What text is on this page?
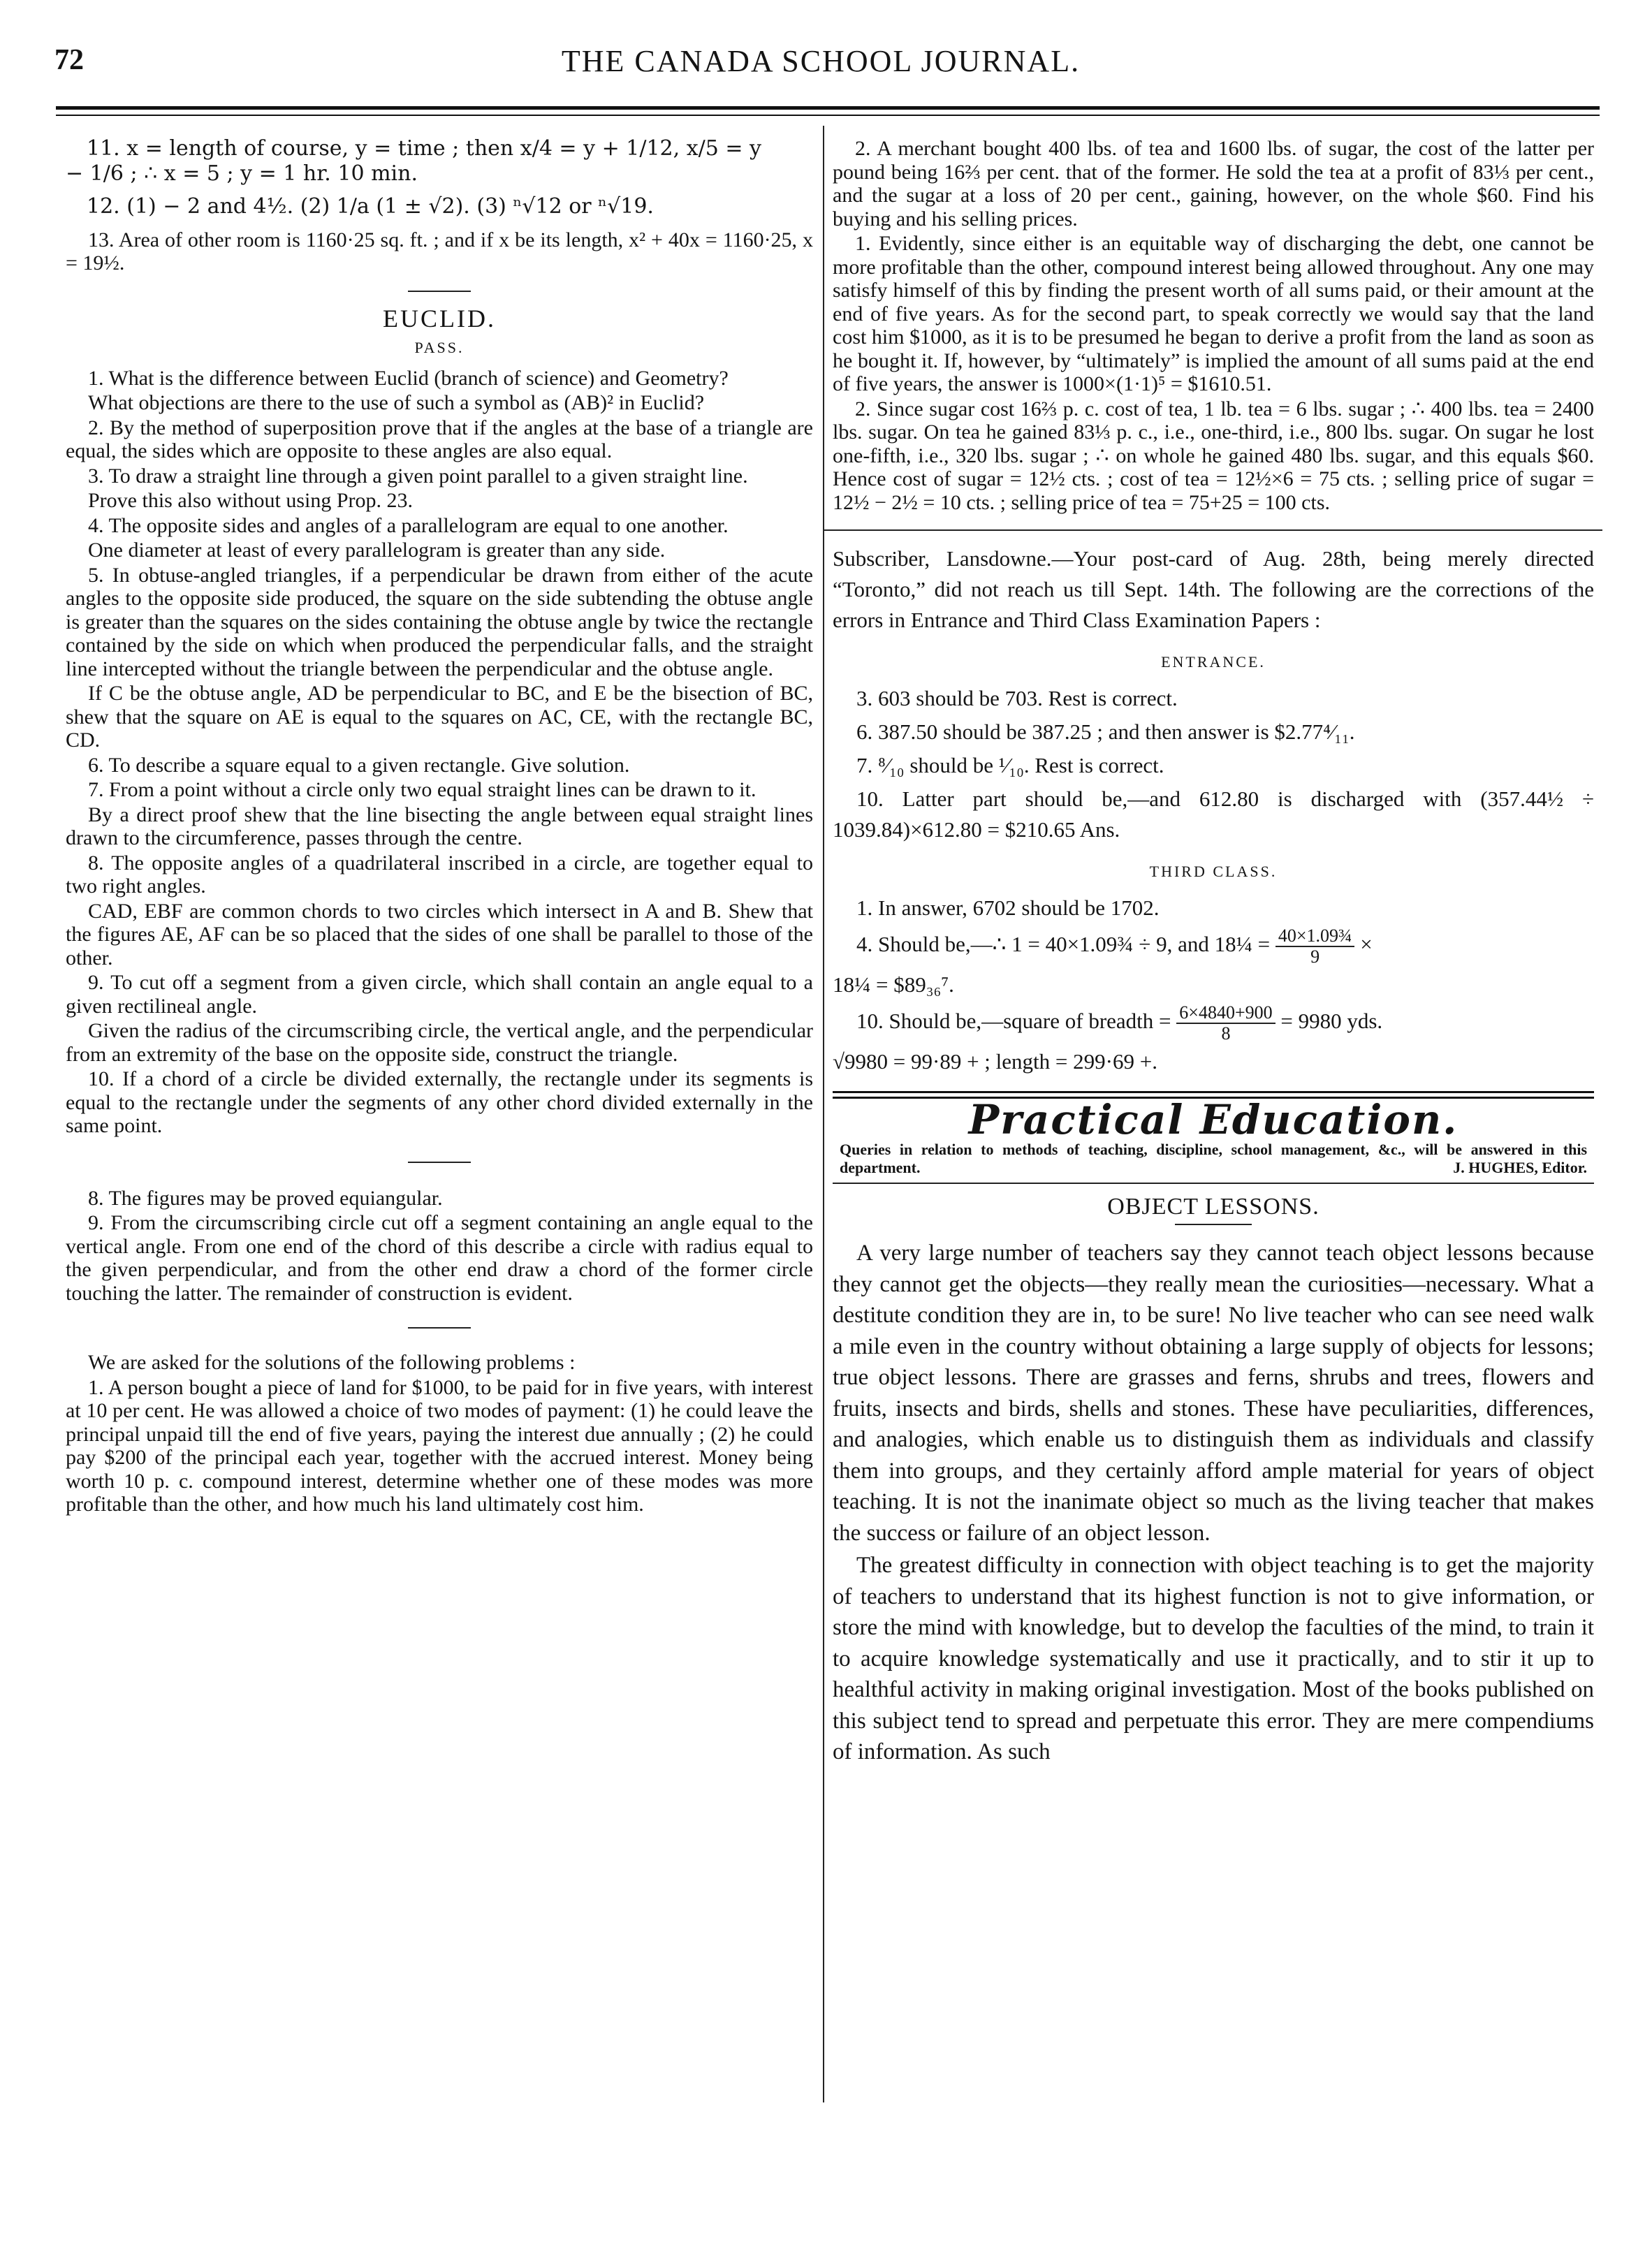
72	THE CANADA SCHOOL JOURNAL.

11. x = length of course, y = time ; then x/4 = y + 1/12, x/5 = y

− 1/6 ; ∴ x = 5 ; y = 1 hr. 10 min.

12. (1) − 2 and 4½. (2) 1/a (1 ± √2). (3) ⁿ√12 or ⁿ√19.

13. Area of other room is 1160·25 sq. ft. ; and if x be its length, x² + 40x = 1160·25, x = 19½.

EUCLID.
PASS.

1. What is the difference between Euclid (branch of science) and Geometry?

What objections are there to the use of such a symbol as (AB)² in Euclid?

2. By the method of superposition prove that if the angles at the base of a triangle are equal, the sides which are opposite to these angles are also equal.

3. To draw a straight line through a given point parallel to a given straight line.

Prove this also without using Prop. 23.

4. The opposite sides and angles of a parallelogram are equal to one another.

One diameter at least of every parallelogram is greater than any side.

5. In obtuse-angled triangles, if a perpendicular be drawn from either of the acute angles to the opposite side produced, the square on the side subtending the obtuse angle is greater than the squares on the sides containing the obtuse angle by twice the rectangle contained by the side on which when produced the perpendicular falls, and the straight line intercepted without the triangle between the perpendicular and the obtuse angle.

If C be the obtuse angle, AD be perpendicular to BC, and E be the bisection of BC, shew that the square on AE is equal to the squares on AC, CE, with the rectangle BC, CD.

6. To describe a square equal to a given rectangle. Give solution.

7. From a point without a circle only two equal straight lines can be drawn to it.

By a direct proof shew that the line bisecting the angle between equal straight lines drawn to the circumference, passes through the centre.

8. The opposite angles of a quadrilateral inscribed in a circle, are together equal to two right angles.

CAD, EBF are common chords to two circles which intersect in A and B. Shew that the figures AE, AF can be so placed that the sides of one shall be parallel to those of the other.

9. To cut off a segment from a given circle, which shall contain an angle equal to a given rectilineal angle.

Given the radius of the circumscribing circle, the vertical angle, and the perpendicular from an extremity of the base on the opposite side, construct the triangle.

10. If a chord of a circle be divided externally, the rectangle under its segments is equal to the rectangle under the segments of any other chord divided externally in the same point.

8. The figures may be proved equiangular.

9. From the circumscribing circle cut off a segment containing an angle equal to the vertical angle. From one end of the chord of this describe a circle with radius equal to the given perpendicular, and from the other end draw a chord of the former circle touching the latter. The remainder of construction is evident.

We are asked for the solutions of the following problems :

1. A person bought a piece of land for $1000, to be paid for in five years, with interest at 10 per cent. He was allowed a choice of two modes of payment: (1) he could leave the principal unpaid till the end of five years, paying the interest due annually ; (2) he could pay $200 of the principal each year, together with the accrued interest. Money being worth 10 p. c. compound interest, determine whether one of these modes was more profitable than the other, and how much his land ultimately cost him.

2. A merchant bought 400 lbs. of tea and 1600 lbs. of sugar, the cost of the latter per pound being 16⅔ per cent. that of the former. He sold the tea at a profit of 83⅓ per cent., and the sugar at a loss of 20 per cent., gaining, however, on the whole $60. Find his buying and his selling prices.

1. Evidently, since either is an equitable way of discharging the debt, one cannot be more profitable than the other, compound interest being allowed throughout. Any one may satisfy himself of this by finding the present worth of all sums paid, or their amount at the end of five years. As for the second part, to speak correctly we would say that the land cost him $1000, as it is to be presumed he began to derive a profit from the land as soon as he bought it. If, however, by “ultimately” is implied the amount of all sums paid at the end of five years, the answer is 1000×(1·1)⁵ = $1610.51.

2. Since sugar cost 16⅔ p. c. cost of tea, 1 lb. tea = 6 lbs. sugar ; ∴ 400 lbs. tea = 2400 lbs. sugar. On tea he gained 83⅓ p. c., i.e., one-third, i.e., 800 lbs. sugar. On sugar he lost one-fifth, i.e., 320 lbs. sugar ; ∴ on whole he gained 480 lbs. sugar, and this equals $60. Hence cost of sugar = 12½ cts. ; cost of tea = 12½×6 = 75 cts. ; selling price of sugar = 12½ − 2½ = 10 cts. ; selling price of tea = 75+25 = 100 cts.

Subscriber, Lansdowne.—Your post-card of Aug. 28th, being merely directed “Toronto,” did not reach us till Sept. 14th. The following are the corrections of the errors in Entrance and Third Class Examination Papers :

ENTRANCE.

3. 603 should be 703. Rest is correct.

6. 387.50 should be 387.25 ; and then answer is $2.77⁴⁄₁₁.

7. ⁸⁄₁₀ should be ¹⁄₁₀. Rest is correct.

10. Latter part should be,—and 612.80 is discharged with (357.44½ ÷ 1039.84)×612.80 = $210.65 Ans.

THIRD CLASS.

1. In answer, 6702 should be 1702.

4. Should be,—∴ 1 = 40×1.09¾ ÷ 9, and 18¼ = $\frac{\text{40×1.09¾}}{9}$ ×

18¼ = $89₃₆⁷.

10. Should be,—square of breadth = $\frac{6\times 4840+900}{8} = 9980$ yds.

√9980 = 99·89 + ; length = 299·69 +.

Practical Education.
Queries in relation to methods of teaching, discipline, school management, &c., will be answered in this department.	J. HUGHES, Editor.
OBJECT LESSONS.

A very large number of teachers say they cannot teach object lessons because they cannot get the objects—they really mean the curiosities—necessary. What a destitute condition they are in, to be sure! No live teacher who can see need walk a mile even in the country without obtaining a large supply of objects for lessons; true object lessons. There are grasses and ferns, shrubs and trees, flowers and fruits, insects and birds, shells and stones. These have peculiarities, differences, and analogies, which enable us to distinguish them as individuals and classify them into groups, and they certainly afford ample material for years of object teaching. It is not the inanimate object so much as the living teacher that makes the success or failure of an object lesson.

The greatest difficulty in connection with object teaching is to get the majority of teachers to understand that its highest function is not to give information, or store the mind with knowledge, but to develop the faculties of the mind, to train it to acquire knowledge systematically and use it practically, and to stir it up to healthful activity in making original investigation. Most of the books published on this subject tend to spread and perpetuate this error. They are mere compendiums of information. As such
